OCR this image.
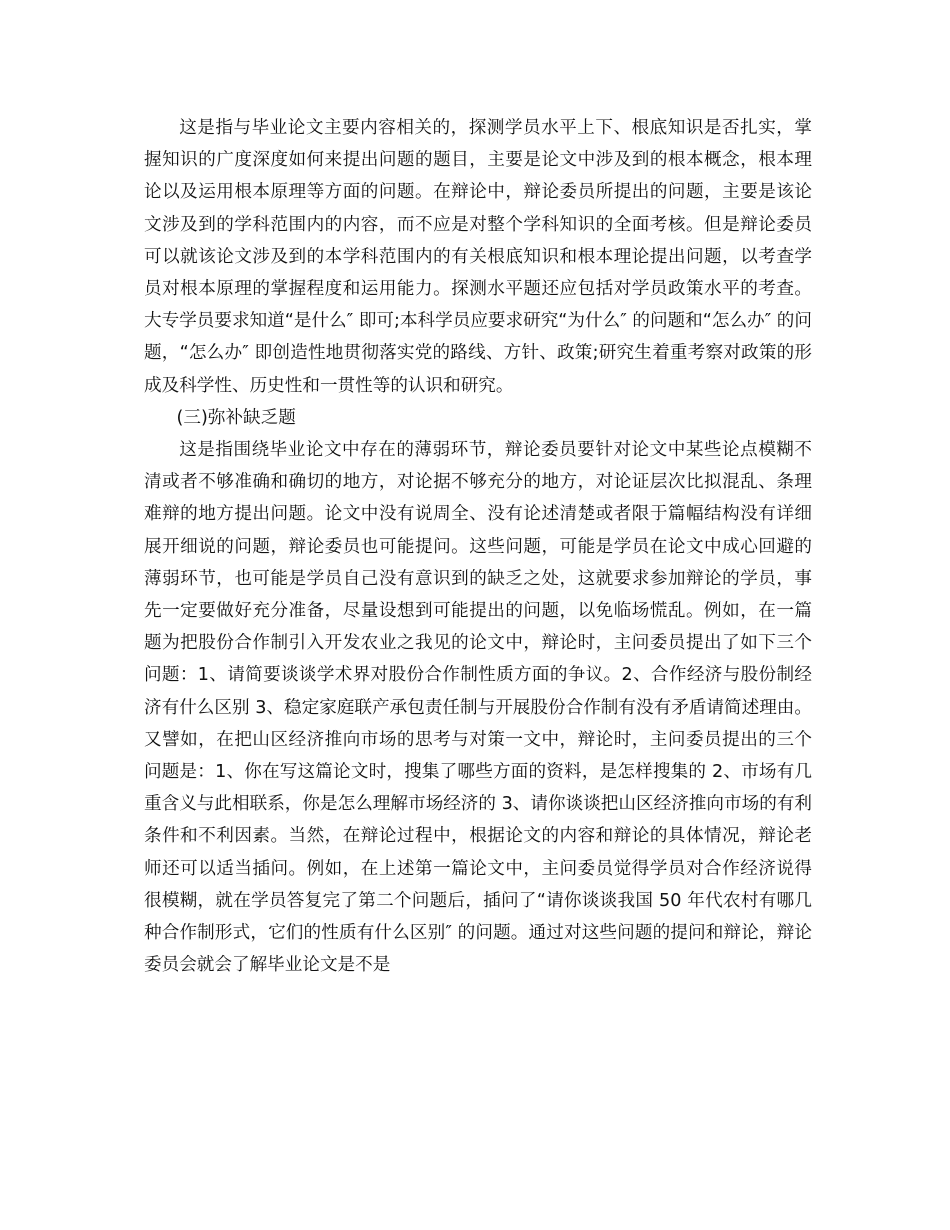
这是指与毕业论文主要内容相关的，探测学员水平上下、根底知识是否扎实，掌握知识的广度深度如何来提出问题的题目，主要是论文中涉及到的根本概念，根本理论以及运用根本原理等方面的问题。在辩论中，辩论委员所提出的问题，主要是该论文涉及到的学科范围内的内容，而不应是对整个学科知识的全面考核。但是辩论委员可以就该论文涉及到的本学科范围内的有关根底知识和根本理论提出问题，以考查学员对根本原理的掌握程度和运用能力。探测水平题还应包括对学员政策水平的考查。大专学员要求知道“是什么″ 即可;本科学员应要求研究“为什么″ 的问题和“怎么办″ 的问题，“怎么办″ 即创造性地贯彻落实党的路线、方针、政策;研究生着重考察对政策的形成及科学性、历史性和一贯性等的认识和研究。

(三)弥补缺乏题

这是指围绕毕业论文中存在的薄弱环节，辩论委员要针对论文中某些论点模糊不清或者不够准确和确切的地方，对论据不够充分的地方，对论证层次比拟混乱、条理难辩的地方提出问题。论文中没有说周全、没有论述清楚或者限于篇幅结构没有详细展开细说的问题，辩论委员也可能提问。这些问题，可能是学员在论文中成心回避的薄弱环节，也可能是学员自己没有意识到的缺乏之处，这就要求参加辩论的学员，事先一定要做好充分准备，尽量设想到可能提出的问题，以免临场慌乱。例如，在一篇题为把股份合作制引入开发农业之我见的论文中，辩论时，主问委员提出了如下三个问题：1、请简要谈谈学术界对股份合作制性质方面的争议。2、合作经济与股份制经济有什么区别 3、稳定家庭联产承包责任制与开展股份合作制有没有矛盾请简述理由。又譬如，在把山区经济推向市场的思考与对策一文中，辩论时，主问委员提出的三个问题是：1、你在写这篇论文时，搜集了哪些方面的资料，是怎样搜集的 2、市场有几重含义与此相联系，你是怎么理解市场经济的 3、请你谈谈把山区经济推向市场的有利条件和不利因素。当然，在辩论过程中，根据论文的内容和辩论的具体情况，辩论老师还可以适当插问。例如，在上述第一篇论文中，主问委员觉得学员对合作经济说得很模糊，就在学员答复完了第二个问题后，插问了“请你谈谈我国 50 年代农村有哪几种合作制形式，它们的性质有什么区别″ 的问题。通过对这些问题的提问和辩论，辩论委员会就会了解毕业论文是不是
